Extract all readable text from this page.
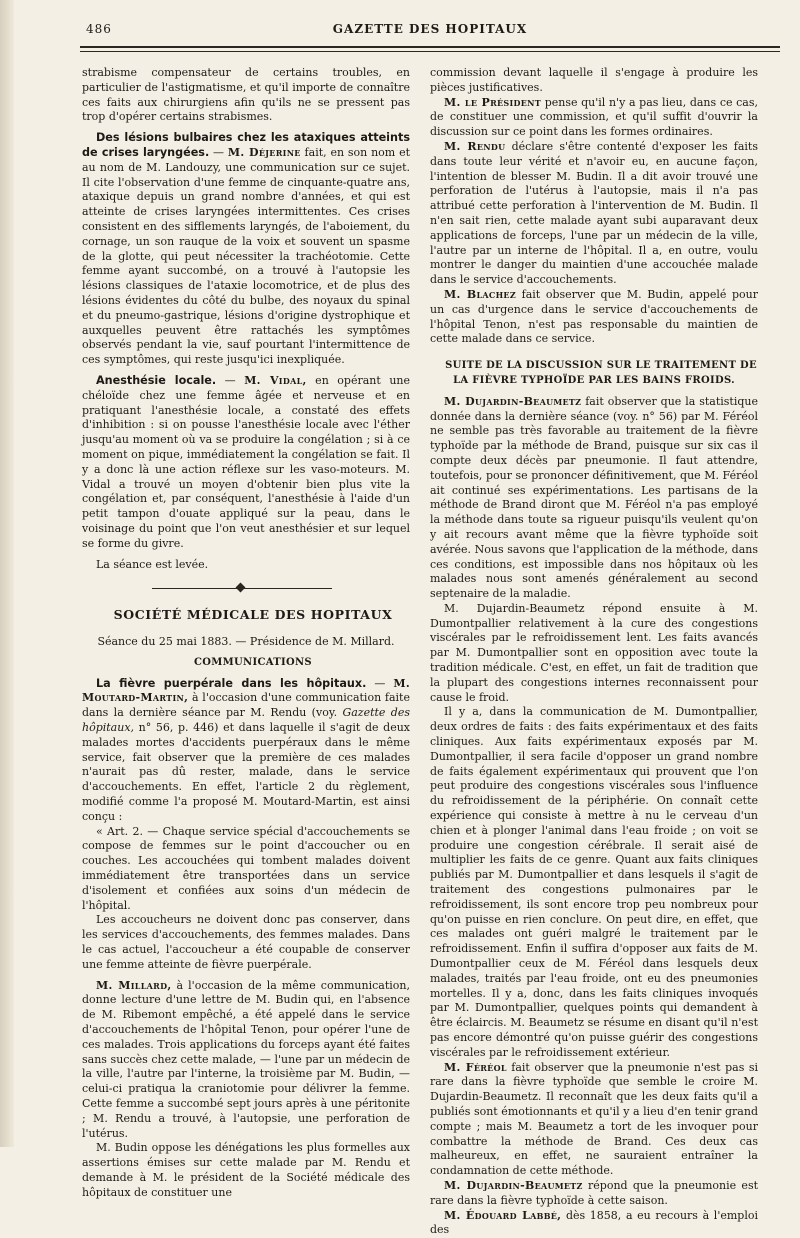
486	GAZETTE DES HOPITAUX

strabisme compensateur de certains troubles, en particulier de l'astigmatisme, et qu'il importe de connaître ces faits aux chirurgiens afin qu'ils ne se pressent pas trop d'opérer certains strabismes.

Des lésions bulbaires chez les ataxiques atteints de crises laryngées. — M. Déjerine fait, en son nom et au nom de M. Landouzy, une communication sur ce sujet. Il cite l'observation d'une femme de cinquante-quatre ans, ataxique depuis un grand nombre d'années, et qui est atteinte de crises laryngées intermittentes. Ces crises consistent en des sifflements laryngés, de l'aboiement, du cornage, un son rauque de la voix et souvent un spasme de la glotte, qui peut nécessiter la trachéotomie. Cette femme ayant succombé, on a trouvé à l'autopsie les lésions classiques de l'ataxie locomotrice, et de plus des lésions évidentes du côté du bulbe, des noyaux du spinal et du pneumo-gastrique, lésions d'origine dystrophique et auxquelles peuvent être rattachés les symptômes observés pendant la vie, sauf pourtant l'intermittence de ces symptômes, qui reste jusqu'ici inexpliquée.

Anesthésie locale. — M. Vidal, en opérant une chéloïde chez une femme âgée et nerveuse et en pratiquant l'anesthésie locale, a constaté des effets d'inhibition : si on pousse l'anesthésie locale avec l'éther jusqu'au moment où va se produire la congélation ; si à ce moment on pique, immédiatement la congélation se fait. Il y a donc là une action réflexe sur les vaso-moteurs. M. Vidal a trouvé un moyen d'obtenir bien plus vite la congélation et, par conséquent, l'anesthésie à l'aide d'un petit tampon d'ouate appliqué sur la peau, dans le voisinage du point que l'on veut anesthésier et sur lequel se forme du givre.

La séance est levée.

SOCIÉTÉ MÉDICALE DES HOPITAUX

Séance du 25 mai 1883. — Présidence de M. Millard.

COMMUNICATIONS

La fièvre puerpérale dans les hôpitaux. — M. Moutard-Martin, à l'occasion d'une communication faite dans la dernière séance par M. Rendu (voy. Gazette des hôpitaux, n° 56, p. 446) et dans laquelle il s'agit de deux malades mortes d'accidents puerpéraux dans le même service, fait observer que la première de ces malades n'aurait pas dû rester, malade, dans le service d'accouchements. En effet, l'article 2 du règlement, modifié comme l'a proposé M. Moutard-Martin, est ainsi conçu :

« Art. 2. — Chaque service spécial d'accouchements se compose de femmes sur le point d'accoucher ou en couches. Les accouchées qui tombent malades doivent immédiatement être transportées dans un service d'isolement et confiées aux soins d'un médecin de l'hôpital.

Les accoucheurs ne doivent donc pas conserver, dans les services d'accouchements, des femmes malades. Dans le cas actuel, l'accoucheur a été coupable de conserver une femme atteinte de fièvre puerpérale.

M. Millard, à l'occasion de la même communication, donne lecture d'une lettre de M. Budin qui, en l'absence de M. Ribemont empêché, a été appelé dans le service d'accouchements de l'hôpital Tenon, pour opérer l'une de ces malades. Trois applications du forceps ayant été faites sans succès chez cette malade, — l'une par un médecin de la ville, l'autre par l'interne, la troisième par M. Budin, — celui-ci pratiqua la craniotomie pour délivrer la femme. Cette femme a succombé sept jours après à une péritonite ; M. Rendu a trouvé, à l'autopsie, une perforation de l'utérus.

M. Budin oppose les dénégations les plus formelles aux assertions émises sur cette malade par M. Rendu et demande à M. le président de la Société médicale des hôpitaux de constituer une

commission devant laquelle il s'engage à produire les pièces justificatives.

M. le Président pense qu'il n'y a pas lieu, dans ce cas, de constituer une commission, et qu'il suffit d'ouvrir la discussion sur ce point dans les formes ordinaires.

M. Rendu déclare s'être contenté d'exposer les faits dans toute leur vérité et n'avoir eu, en aucune façon, l'intention de blesser M. Budin. Il a dit avoir trouvé une perforation de l'utérus à l'autopsie, mais il n'a pas attribué cette perforation à l'intervention de M. Budin. Il n'en sait rien, cette malade ayant subi auparavant deux applications de forceps, l'une par un médecin de la ville, l'autre par un interne de l'hôpital. Il a, en outre, voulu montrer le danger du maintien d'une accouchée malade dans le service d'accouchements.

M. Blachez fait observer que M. Budin, appelé pour un cas d'urgence dans le service d'accouchements de l'hôpital Tenon, n'est pas responsable du maintien de cette malade dans ce service.

SUITE DE LA DISCUSSION SUR LE TRAITEMENT DE LA FIÈVRE TYPHOÏDE PAR LES BAINS FROIDS.

M. Dujardin-Beaumetz fait observer que la statistique donnée dans la dernière séance (voy. n° 56) par M. Féréol ne semble pas très favorable au traitement de la fièvre typhoïde par la méthode de Brand, puisque sur six cas il compte deux décès par pneumonie. Il faut attendre, toutefois, pour se prononcer définitivement, que M. Féréol ait continué ses expérimentations. Les partisans de la méthode de Brand diront que M. Féréol n'a pas employé la méthode dans toute sa rigueur puisqu'ils veulent qu'on y ait recours avant même que la fièvre typhoïde soit avérée. Nous savons que l'application de la méthode, dans ces conditions, est impossible dans nos hôpitaux où les malades nous sont amenés généralement au second septenaire de la maladie.

M. Dujardin-Beaumetz répond ensuite à M. Dumontpallier relativement à la cure des congestions viscérales par le refroidissement lent. Les faits avancés par M. Dumontpallier sont en opposition avec toute la tradition médicale. C'est, en effet, un fait de tradition que la plupart des congestions internes reconnaissent pour cause le froid.

Il y a, dans la communication de M. Dumontpallier, deux ordres de faits : des faits expérimentaux et des faits cliniques. Aux faits expérimentaux exposés par M. Dumontpallier, il sera facile d'opposer un grand nombre de faits également expérimentaux qui prouvent que l'on peut produire des congestions viscérales sous l'influence du refroidissement de la périphérie. On connaît cette expérience qui consiste à mettre à nu le cerveau d'un chien et à plonger l'animal dans l'eau froide ; on voit se produire une congestion cérébrale. Il serait aisé de multiplier les faits de ce genre. Quant aux faits cliniques publiés par M. Dumontpallier et dans lesquels il s'agit de traitement des congestions pulmonaires par le refroidissement, ils sont encore trop peu nombreux pour qu'on puisse en rien conclure. On peut dire, en effet, que ces malades ont guéri malgré le traitement par le refroidissement. Enfin il suffira d'opposer aux faits de M. Dumontpallier ceux de M. Féréol dans lesquels deux malades, traités par l'eau froide, ont eu des pneumonies mortelles. Il y a, donc, dans les faits cliniques invoqués par M. Dumontpallier, quelques points qui demandent à être éclaircis. M. Beaumetz se résume en disant qu'il n'est pas encore démontré qu'on puisse guérir des congestions viscérales par le refroidissement extérieur.

M. Féréol fait observer que la pneumonie n'est pas si rare dans la fièvre typhoïde que semble le croire M. Dujardin-Beaumetz. Il reconnaît que les deux faits qu'il a publiés sont émotionnants et qu'il y a lieu d'en tenir grand compte ; mais M. Beaumetz a tort de les invoquer pour combattre la méthode de Brand. Ces deux cas malheureux, en effet, ne sauraient entraîner la condamnation de cette méthode.

M. Dujardin-Beaumetz répond que la pneumonie est rare dans la fièvre typhoïde à cette saison.

M. Édouard Labbé, dès 1858, a eu recours à l'emploi des
